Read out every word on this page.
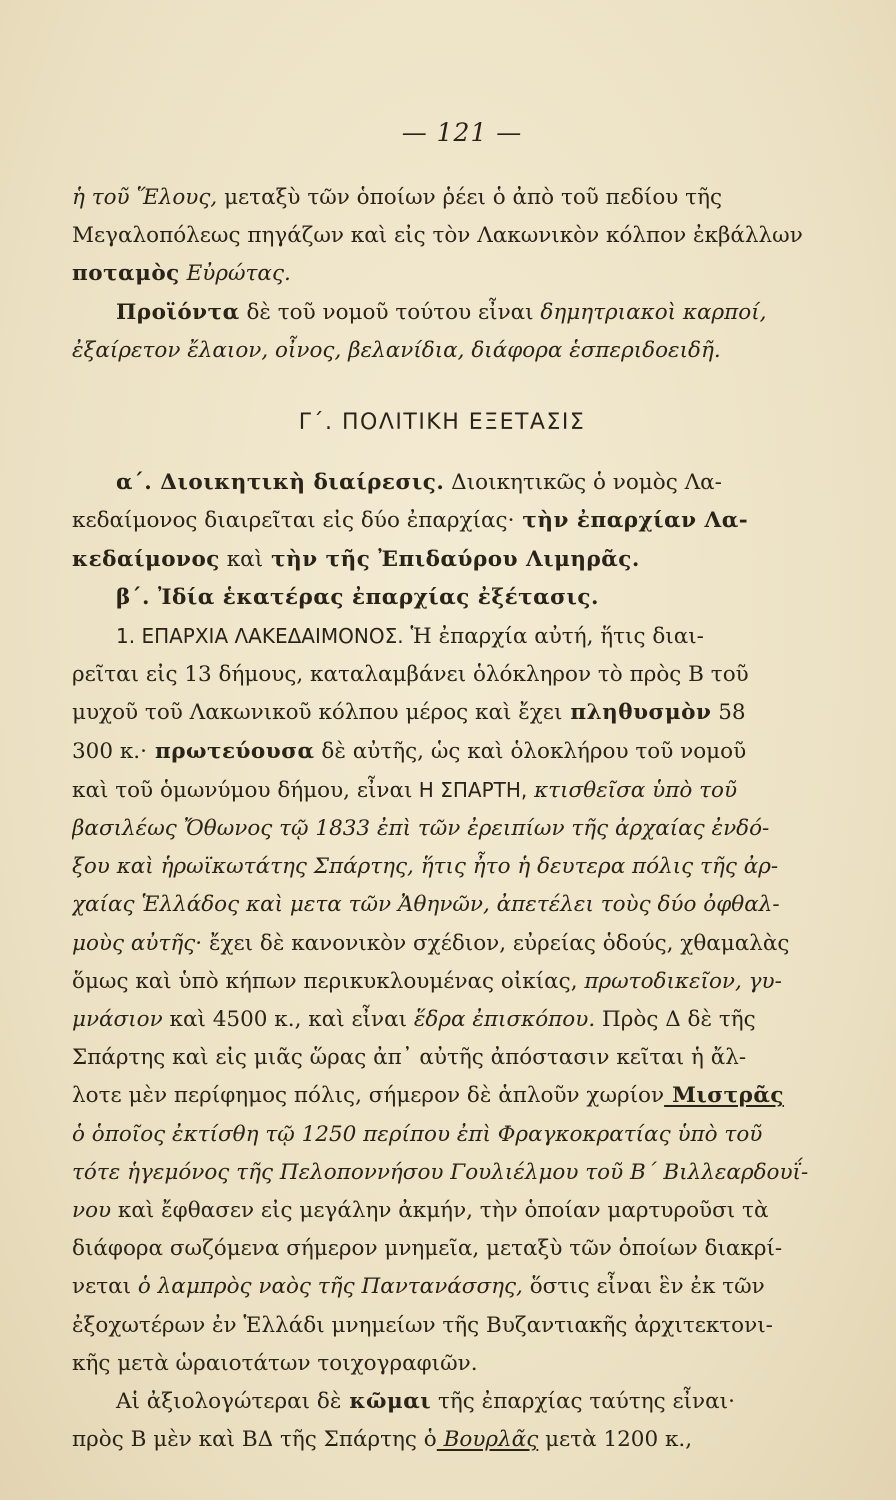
— 121 —
ἡ τοῦ Ἕλους, μεταξὺ τῶν ὁποίων ῥέει ὁ ἀπὸ τοῦ πεδίου τῆς
Μεγαλοπόλεως πηγάζων καὶ εἰς τὸν Λακωνικὸν κόλπον ἐκβάλλων
ποταμὸς Εὐρώτας.
Προϊόντα δὲ τοῦ νομοῦ τούτου εἶναι δημητριακοὶ καρποί,
ἐξαίρετον ἔλαιον, οἶνος, βελανίδια, διάφορα ἑσπεριδοειδῆ.
Γ΄. ΠΟΛΙΤΙΚΗ ΕΞΕΤΑΣΙΣ
α΄. Διοικητικὴ διαίρεσις. Διοικητικῶς ὁ νομὸς Λα-
κεδαίμονος διαιρεῖται εἰς δύο ἐπαρχίας· τὴν ἐπαρχίαν Λα-
κεδαίμονος καὶ τὴν τῆς Ἐπιδαύρου Λιμηρᾶς.
β΄. Ἰδία ἑκατέρας ἐπαρχίας ἐξέτασις.
1. ΕΠΑΡΧΙΑ ΛΑΚΕΔΑΙΜΟΝΟΣ. Ἡ ἐπαρχία αὐτή, ἥτις διαι-
ρεῖται εἰς 13 δήμους, καταλαμβάνει ὁλόκληρον τὸ πρὸς Β τοῦ
μυχοῦ τοῦ Λακωνικοῦ κόλπου μέρος καὶ ἔχει πληθυσμὸν 58
300 κ.· πρωτεύουσα δὲ αὐτῆς, ὡς καὶ ὁλοκλήρου τοῦ νομοῦ
καὶ τοῦ ὁμωνύμου δήμου, εἶναι Η ΣΠΑΡΤΗ, κτισθεῖσα ὑπὸ τοῦ
βασιλέως Ὄθωνος τῷ 1833 ἐπὶ τῶν ἐρειπίων τῆς ἀρχαίας ἐνδό-
ξου καὶ ἡρωϊκωτάτης Σπάρτης, ἥτις ἦτο ἡ δευτερα πόλις τῆς ἀρ-
χαίας Ἑλλάδος καὶ μετα τῶν Ἀθηνῶν, ἀπετέλει τοὺς δύο ὀφθαλ-
μοὺς αὐτῆς· ἔχει δὲ κανονικὸν σχέδιον, εὐρείας ὁδούς, χθαμαλὰς
ὅμως καὶ ὑπὸ κήπων περικυκλουμένας οἰκίας, πρωτοδικεῖον, γυ-
μνάσιον καὶ 4500 κ., καὶ εἶναι ἕδρα ἐπισκόπου. Πρὸς Δ δὲ τῆς
Σπάρτης καὶ εἰς μιᾶς ὥρας ἀπ᾽ αὐτῆς ἀπόστασιν κεῖται ἡ ἄλ-
λοτε μὲν περίφημος πόλις, σήμερον δὲ ἁπλοῦν χωρίον Μιστρᾶς
ὁ ὁποῖος ἐκτίσθη τῷ 1250 περίπου ἐπὶ Φραγκοκρατίας ὑπὸ τοῦ
τότε ἡγεμόνος τῆς Πελοποννήσου Γουλιέλμου τοῦ Β΄ Βιλλεαρδουΐ-
νου καὶ ἔφθασεν εἰς μεγάλην ἀκμήν, τὴν ὁποίαν μαρτυροῦσι τὰ
διάφορα σωζόμενα σήμερον μνημεῖα, μεταξὺ τῶν ὁποίων διακρί-
νεται ὁ λαμπρὸς ναὸς τῆς Παντανάσσης, ὅστις εἶναι ἓν ἐκ τῶν
ἐξοχωτέρων ἐν Ἑλλάδι μνημείων τῆς Βυζαντιακῆς ἀρχιτεκτονι-
κῆς μετὰ ὡραιοτάτων τοιχογραφιῶν.
Αἱ ἀξιολογώτεραι δὲ κῶμαι τῆς ἐπαρχίας ταύτης εἶναι·
πρὸς Β μὲν καὶ ΒΔ τῆς Σπάρτης ὁ Βουρλᾶς μετὰ 1200 κ.,
